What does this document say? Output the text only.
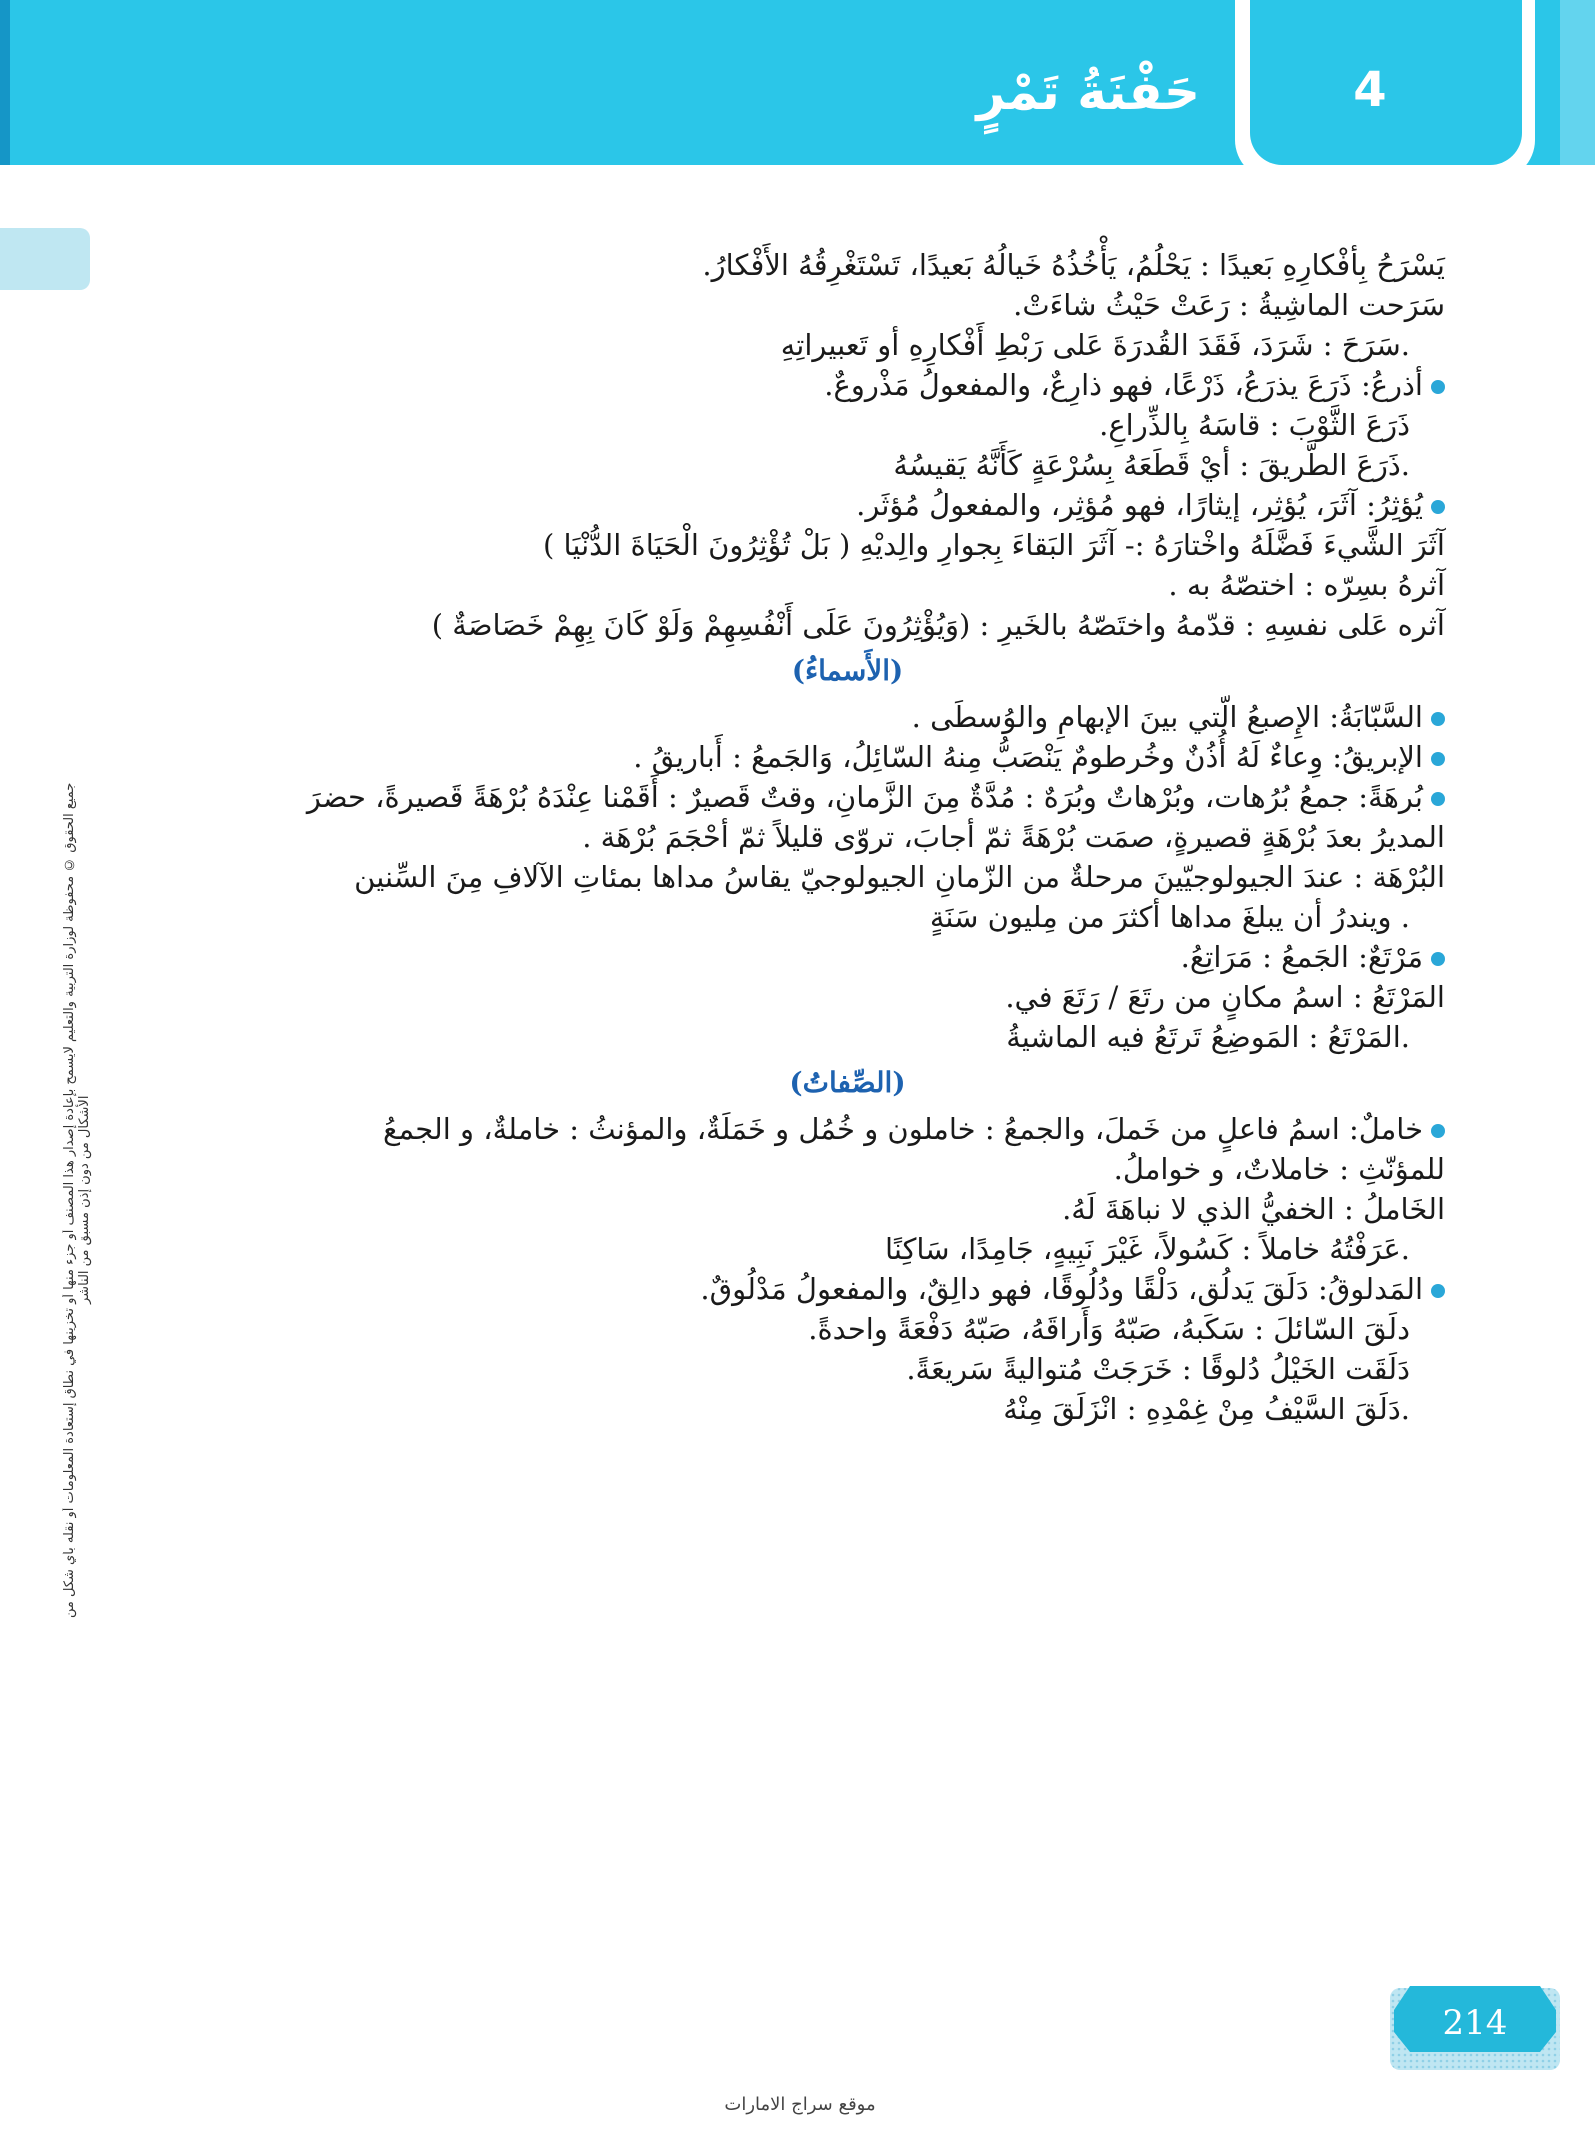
4
حَفْنَةُ تَمْرٍ
جميع الحقوق © محفوظة لوزارة التربية والتعليم لايسمح بإعادة إصدار هذا المصنف أو جزء منها أو تخزينها في نطاق إستعادة المعلومات أو نقله بأي شكل من الأشكال من دون إذن مسبق من الناشر
يَسْرَحُ بِأفْكارِهِ بَعيدًا : يَحْلُمُ، يَأْخُذُهُ خَيالُهُ بَعيدًا، تَسْتَغْرِقُهُ الأَفْكارُ.
سَرَحت الماشِيةُ : رَعَتْ حَيْثُ شاءَتْ.
.سَرَحَ : شَرَدَ، فَقَدَ القُدرَةَ عَلى رَبْطِ أَفْكارِهِ أو تَعبيراتِهِ
أذرعُ: ذَرَعَ يذرَعُ، ذَرْعًا، فهو ذارِعٌ، والمفعولُ مَذْروعٌ.
ذَرَعَ الثَّوْبَ : قاسَهُ بِالذِّراعِ.
.ذَرَعَ الطَّريقَ : أيْ قَطَعَهُ بِسُرْعَةٍ كَأَنَّهُ يَقيسُهُ
يُؤثِرُ: آثَرَ، يُؤثِر، إيثارًا، فهو مُؤثِر، والمفعولُ مُؤثَر.
آثَرَ الشَّيءَ فَضَّلَهُ واخْتارَهُ :- آثَرَ البَقاءَ بِجوارِ والِديْهِ ( بَلْ تُؤْثِرُونَ الْحَيَاةَ الدُّنْيَا )
آثرهُ بسِرّه : اختصّهُ به .
آثره عَلى نفسِهِ : قدّمهُ واختَصّهُ بالخَيرِ : (وَيُؤْثِرُونَ عَلَى أَنْفُسِهِمْ وَلَوْ كَانَ بِهِمْ خَصَاصَةٌ )
(الأَسماءُ)
السَّبّابَةُ: الإِصبعُ الّتي بينَ الإبهامِ والوُسطَى .
الإبريقُ: وِعاءٌ لَهُ أُذُنٌ وخُرطومٌ يَنْصَبُّ مِنهُ السّائِلُ، وَالجَمعُ : أَباريقُ .
بُرهَةً: جمعُ بُرُهات، وبُرْهاتٌ وبُرَهٌ : مُدَّةٌ مِنَ الزَّمانِ، وقتٌ قَصيرٌ : أَقَمْنا عِنْدَهُ بُرْهَةً قَصيرةً، حضرَ
المديرُ بعدَ بُرْهَةٍ قصيرةٍ، صمَت بُرْهَةً ثمّ أجابَ، تروّى قليلاً ثمّ أحْجَمَ بُرْهَة .
البُرْهَة : عندَ الجيولوجيّينَ مرحلةٌ من الزّمانِ الجيولوجيّ يقاسُ مداها بمئاتِ الآلافِ مِنَ السِّنين
. ويندرُ أن يبلغَ مداها أكثرَ من مِليون سَنَةٍ
مَرْتَعٌ: الجَمعُ : مَرَاتِعُ.
المَرْتَعُ : اسمُ مكانٍ من رتَعَ / رَتَعَ في.
.المَرْتَعُ : المَوضِعُ تَرتَعُ فيه الماشيةُ
(الصِّفاتُ)
خاملٌ: اسمُ فاعلٍ من خَملَ، والجمعُ : خاملون و خُمُل و خَمَلَةٌ، والمؤنثُ : خاملةٌ، و الجمعُ
للمؤنّثِ : خاملاتٌ، و خواملُ.
الخَاملُ : الخفيُّ الذي لا نباهَةَ لَهُ.
.عَرَفْتُهُ خاملاً : كَسُولاً، غَيْرَ نَبِيهٍ، جَامِدًا، سَاكِنًا
المَدلوقُ: دَلَقَ يَدلُق، دَلْقًا ودُلُوقًا، فهو دالِقٌ، والمفعولُ مَدْلُوقٌ.
دلَقَ السّائلَ : سَكَبهُ، صَبّهُ وَأَراقَهُ، صَبّهُ دَفْعَةً واحدةً.
دَلَقَت الخَيْلُ دُلوقًا : خَرَجَتْ مُتواليةً سَريعَةً.
.دَلَقَ السَّيْفُ مِنْ غِمْدِهِ : انْزَلَقَ مِنْهُ
214
موقع سراج الامارات
